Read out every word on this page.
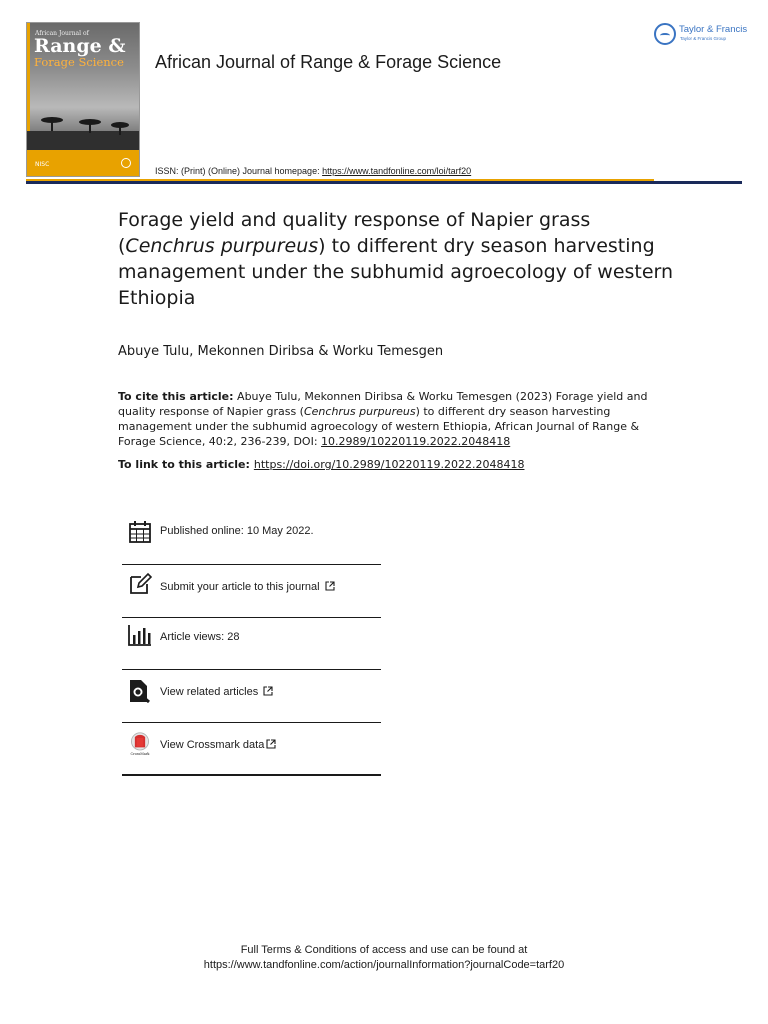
African Journal of
Range &
Forage Science
NISC
African Journal of Range & Forage Science
ISSN: (Print) (Online) Journal homepage: https://www.tandfonline.com/loi/tarf20
Taylor & Francis
Taylor & Francis Group
Forage yield and quality response of Napier grass (Cenchrus purpureus) to different dry season harvesting management under the subhumid agroecology of western Ethiopia
Abuye Tulu, Mekonnen Diribsa & Worku Temesgen
To cite this article: Abuye Tulu, Mekonnen Diribsa & Worku Temesgen (2023) Forage yield and quality response of Napier grass (Cenchrus purpureus) to different dry season harvesting management under the subhumid agroecology of western Ethiopia, African Journal of Range & Forage Science, 40:2, 236-239, DOI: 10.2989/10220119.2022.2048418
To link to this article: https://doi.org/10.2989/10220119.2022.2048418
Published online: 10 May 2022.
Submit your article to this journal
Article views: 28
View related articles
CrossMark
View Crossmark data
Full Terms & Conditions of access and use can be found at
https://www.tandfonline.com/action/journalInformation?journalCode=tarf20
